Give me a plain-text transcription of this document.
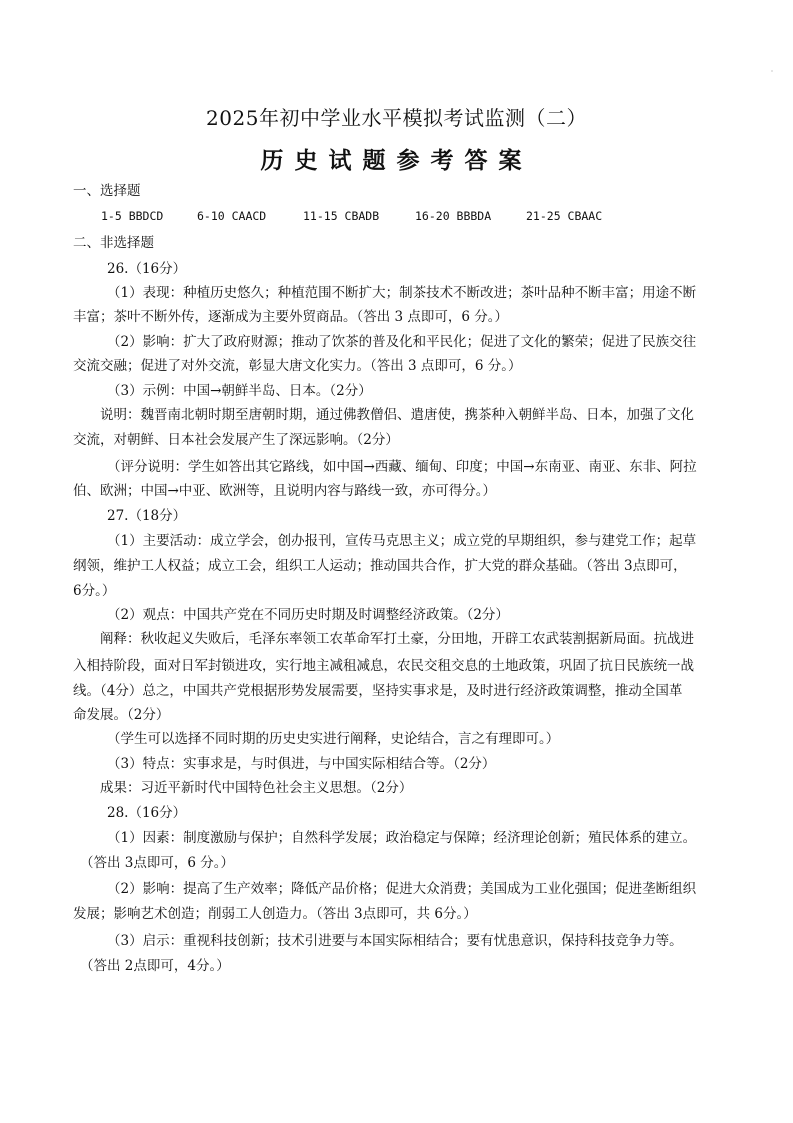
2025年初中学业水平模拟考试监测（二）
历史试题参考答案
一、选择题
1-5 BBDCD	6-10 CAACD	11-15 CBADB	16-20 BBBDA	21-25 CBAAC
二、非选择题
26.（16分）
（1）表现：种植历史悠久；种植范围不断扩大；制茶技术不断改进；茶叶品种不断丰富；用途不断
丰富；茶叶不断外传，逐渐成为主要外贸商品。（答出 3 点即可，6 分。）
（2）影响：扩大了政府财源；推动了饮茶的普及化和平民化；促进了文化的繁荣；促进了民族交往
交流交融；促进了对外交流，彰显大唐文化实力。（答出 3 点即可，6 分。）
（3）示例：中国→朝鲜半岛、日本。（2分）
说明：魏晋南北朝时期至唐朝时期，通过佛教僧侣、遣唐使，携茶种入朝鲜半岛、日本，加强了文化
交流，对朝鲜、日本社会发展产生了深远影响。（2分）
（评分说明：学生如答出其它路线，如中国→西藏、缅甸、印度；中国→东南亚、南亚、东非、阿拉
伯、欧洲；中国→中亚、欧洲等，且说明内容与路线一致，亦可得分。）
27.（18分）
（1）主要活动：成立学会，创办报刊，宣传马克思主义；成立党的早期组织，参与建党工作；起草
纲领，维护工人权益；成立工会，组织工人运动；推动国共合作，扩大党的群众基础。（答出 3点即可，
6分。）
（2）观点：中国共产党在不同历史时期及时调整经济政策。（2分）
阐释：秋收起义失败后，毛泽东率领工农革命军打土豪，分田地，开辟工农武装割据新局面。抗战进
入相持阶段，面对日军封锁进攻，实行地主减租减息，农民交租交息的土地政策，巩固了抗日民族统一战
线。（4分）总之，中国共产党根据形势发展需要，坚持实事求是，及时进行经济政策调整，推动全国革
命发展。（2分）
（学生可以选择不同时期的历史史实进行阐释，史论结合，言之有理即可。）
（3）特点：实事求是，与时俱进，与中国实际相结合等。（2分）
成果：习近平新时代中国特色社会主义思想。（2分）
28.（16分）
（1）因素：制度激励与保护；自然科学发展；政治稳定与保障；经济理论创新；殖民体系的建立。
（答出 3点即可，6 分。）
（2）影响：提高了生产效率；降低产品价格；促进大众消费；美国成为工业化强国；促进垄断组织
发展；影响艺术创造；削弱工人创造力。（答出 3点即可，共 6分。）
（3）启示：重视科技创新；技术引进要与本国实际相结合；要有忧患意识，保持科技竞争力等。
（答出 2点即可，4分。）
